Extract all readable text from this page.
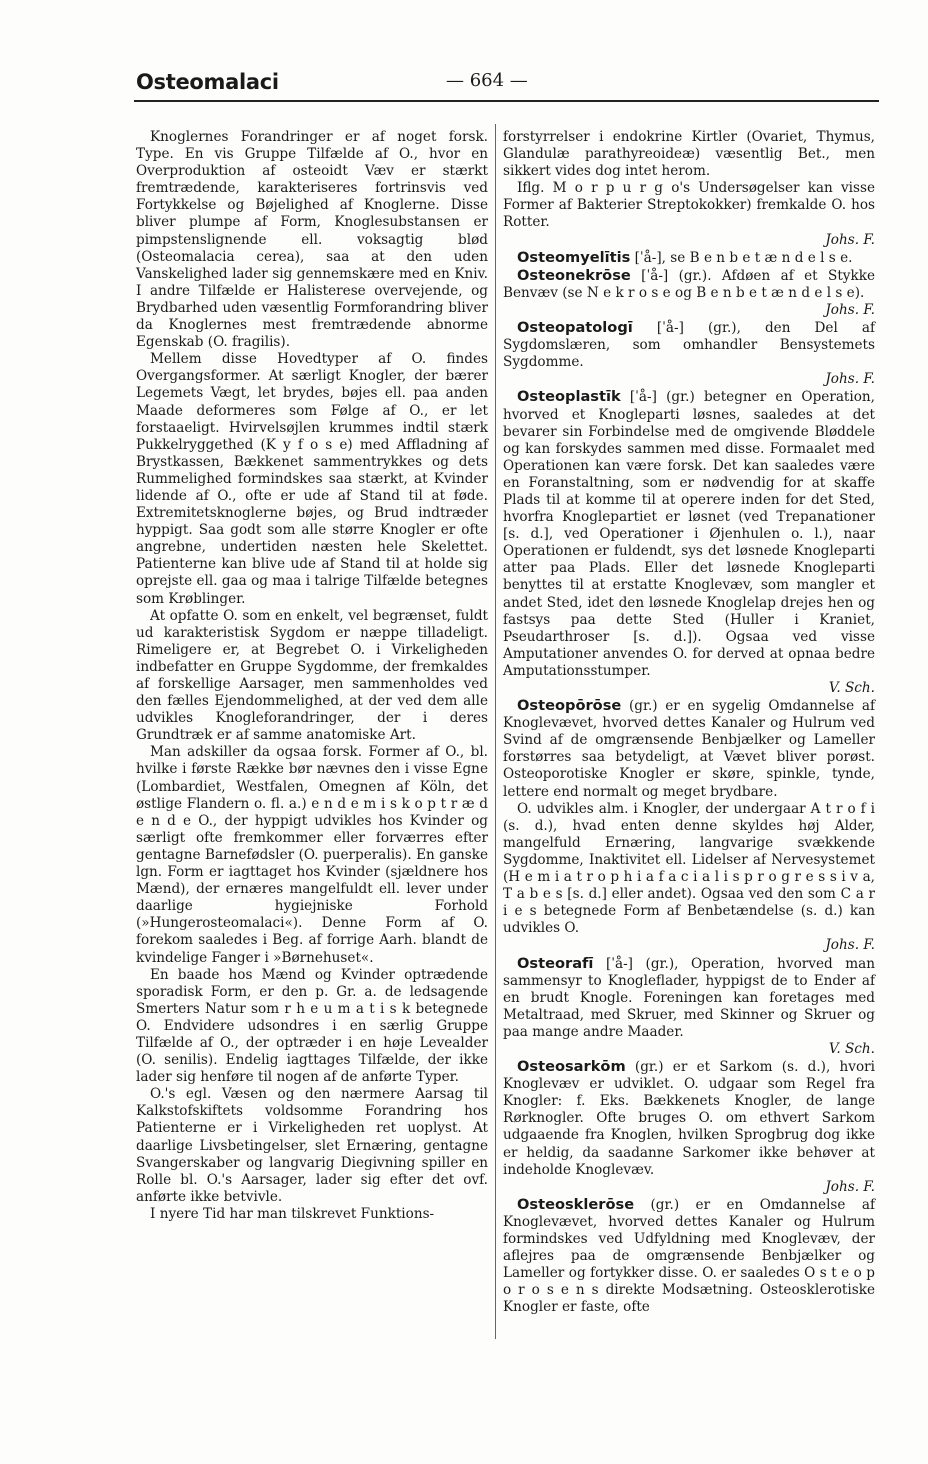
Osteomalaci	— 664 —

Knoglernes Forandringer er af noget forsk. Type. En vis Gruppe Tilfælde af O., hvor en Overproduktion af osteoidt Væv er stærkt fremtrædende, karakteriseres fortrinsvis ved Fortykkelse og Bøjelighed af Knoglerne. Disse bliver plumpe af Form, Knoglesubstansen er pimpstenslignende ell. voksagtig blød (Osteomalacia cerea), saa at den uden Vanskelighed lader sig gennemskære med en Kniv. I andre Tilfælde er Halisterese overvejende, og Brydbarhed uden væsentlig Formforandring bliver da Knoglernes mest fremtrædende abnorme Egenskab (O. fragilis).

Mellem disse Hovedtyper af O. findes Overgangsformer. At særligt Knogler, der bærer Legemets Vægt, let brydes, bøjes ell. paa anden Maade deformeres som Følge af O., er let forstaaeligt. Hvirvelsøjlen krummes indtil stærk Pukkelryggethed (K y f o s e) med Affladning af Brystkassen, Bækkenet sammentrykkes og dets Rummelighed formindskes saa stærkt, at Kvinder lidende af O., ofte er ude af Stand til at føde. Extremitetsknoglerne bøjes, og Brud indtræder hyppigt. Saa godt som alle større Knogler er ofte angrebne, undertiden næsten hele Skelettet. Patienterne kan blive ude af Stand til at holde sig oprejste ell. gaa og maa i talrige Tilfælde betegnes som Krøblinger.

At opfatte O. som en enkelt, vel begrænset, fuldt ud karakteristisk Sygdom er næppe tilladeligt. Rimeligere er, at Begrebet O. i Virkeligheden indbefatter en Gruppe Sygdomme, der fremkaldes af forskellige Aarsager, men sammenholdes ved den fælles Ejendommelighed, at der ved dem alle udvikles Knogleforandringer, der i deres Grundtræk er af samme anatomiske Art.

Man adskiller da ogsaa forsk. Former af O., bl. hvilke i første Række bør nævnes den i visse Egne (Lombardiet, Westfalen, Omegnen af Köln, det østlige Flandern o. fl. a.) e n d e m i s k o p t r æ d e n d e O., der hyppigt udvikles hos Kvinder og særligt ofte fremkommer eller forværres efter gentagne Barnefødsler (O. puerperalis). En ganske lgn. Form er iagttaget hos Kvinder (sjældnere hos Mænd), der ernæres mangelfuldt ell. lever under daarlige hygiejniske Forhold (»Hungerosteomalaci«). Denne Form af O. forekom saaledes i Beg. af forrige Aarh. blandt de kvindelige Fanger i »Børnehuset«.

En baade hos Mænd og Kvinder optrædende sporadisk Form, er den p. Gr. a. de ledsagende Smerters Natur som r h e u m a t i s k betegnede O. Endvidere udsondres i en særlig Gruppe Tilfælde af O., der optræder i en høje Levealder (O. senilis). Endelig iagttages Tilfælde, der ikke lader sig henføre til nogen af de anførte Typer.

O.'s egl. Væsen og den nærmere Aarsag til Kalkstofskiftets voldsomme Forandring hos Patienterne er i Virkeligheden ret uoplyst. At daarlige Livsbetingelser, slet Ernæring, gentagne Svangerskaber og langvarig Diegivning spiller en Rolle bl. O.'s Aarsager, lader sig efter det ovf. anførte ikke betvivle.

I nyere Tid har man tilskrevet Funktions-

forstyrrelser i endokrine Kirtler (Ovariet, Thymus, Glandulæ parathyreoideæ) væsentlig Bet., men sikkert vides dog intet herom.

Iflg. M o r p u r g o's Undersøgelser kan visse Former af Bakterier Streptokokker) fremkalde O. hos Rotter.
Johs. F.

Osteomyelītis [ˈå-], se B e n b e t æ n d e l s e.

Osteonekrōse [ˈå-] (gr.). Afdøen af et Stykke Benvæv (se N e k r o s e og B e n b e t æ n d e l s e).
Johs. F.

Osteopatologī [ˈå-] (gr.), den Del af Sygdomslæren, som omhandler Bensystemets Sygdomme.
Johs. F.

Osteoplastīk [ˈå-] (gr.) betegner en Operation, hvorved et Knogleparti løsnes, saaledes at det bevarer sin Forbindelse med de omgivende Bløddele og kan forskydes sammen med disse. Formaalet med Operationen kan være forsk. Det kan saaledes være en Foranstaltning, som er nødvendig for at skaffe Plads til at komme til at operere inden for det Sted, hvorfra Knoglepartiet er løsnet (ved Trepanationer [s. d.], ved Operationer i Øjenhulen o. l.), naar Operationen er fuldendt, sys det løsnede Knogleparti atter paa Plads. Eller det løsnede Knogleparti benyttes til at erstatte Knoglevæv, som mangler et andet Sted, idet den løsnede Knoglelap drejes hen og fastsys paa dette Sted (Huller i Kraniet, Pseudarthroser [s. d.]). Ogsaa ved visse Amputationer anvendes O. for derved at opnaa bedre Amputationsstumper.
V. Sch.

Osteopōrōse (gr.) er en sygelig Omdannelse af Knoglevævet, hvorved dettes Kanaler og Hulrum ved Svind af de omgrænsende Benbjælker og Lameller forstørres saa betydeligt, at Vævet bliver porøst. Osteoporotiske Knogler er skøre, spinkle, tynde, lettere end normalt og meget brydbare.

O. udvikles alm. i Knogler, der undergaar A t r o f i (s. d.), hvad enten denne skyldes høj Alder, mangelfuld Ernæring, langvarige svækkende Sygdomme, Inaktivitet ell. Lidelser af Nervesystemet (H e m i a t r o p h i a f a c i a l i s p r o g r e s s i v a, T a b e s [s. d.] eller andet). Ogsaa ved den som C a r i e s betegnede Form af Benbetændelse (s. d.) kan udvikles O.
Johs. F.

Osteorafī [ˈå-] (gr.), Operation, hvorved man sammensyr to Knogleflader, hyppigst de to Ender af en brudt Knogle. Foreningen kan foretages med Metaltraad, med Skruer, med Skinner og Skruer og paa mange andre Maader.
V. Sch.

Osteosarkōm (gr.) er et Sarkom (s. d.), hvori Knoglevæv er udviklet. O. udgaar som Regel fra Knogler: f. Eks. Bækkenets Knogler, de lange Rørknogler. Ofte bruges O. om ethvert Sarkom udgaaende fra Knoglen, hvilken Sprogbrug dog ikke er heldig, da saadanne Sarkomer ikke behøver at indeholde Knoglevæv.
Johs. F.

Osteosklerōse (gr.) er en Omdannelse af Knoglevævet, hvorved dettes Kanaler og Hulrum formindskes ved Udfyldning med Knoglevæv, der aflejres paa de omgrænsende Benbjælker og Lameller og fortykker disse. O. er saaledes O s t e o p o r o s e n s direkte Modsætning. Osteosklerotiske Knogler er faste, ofte
